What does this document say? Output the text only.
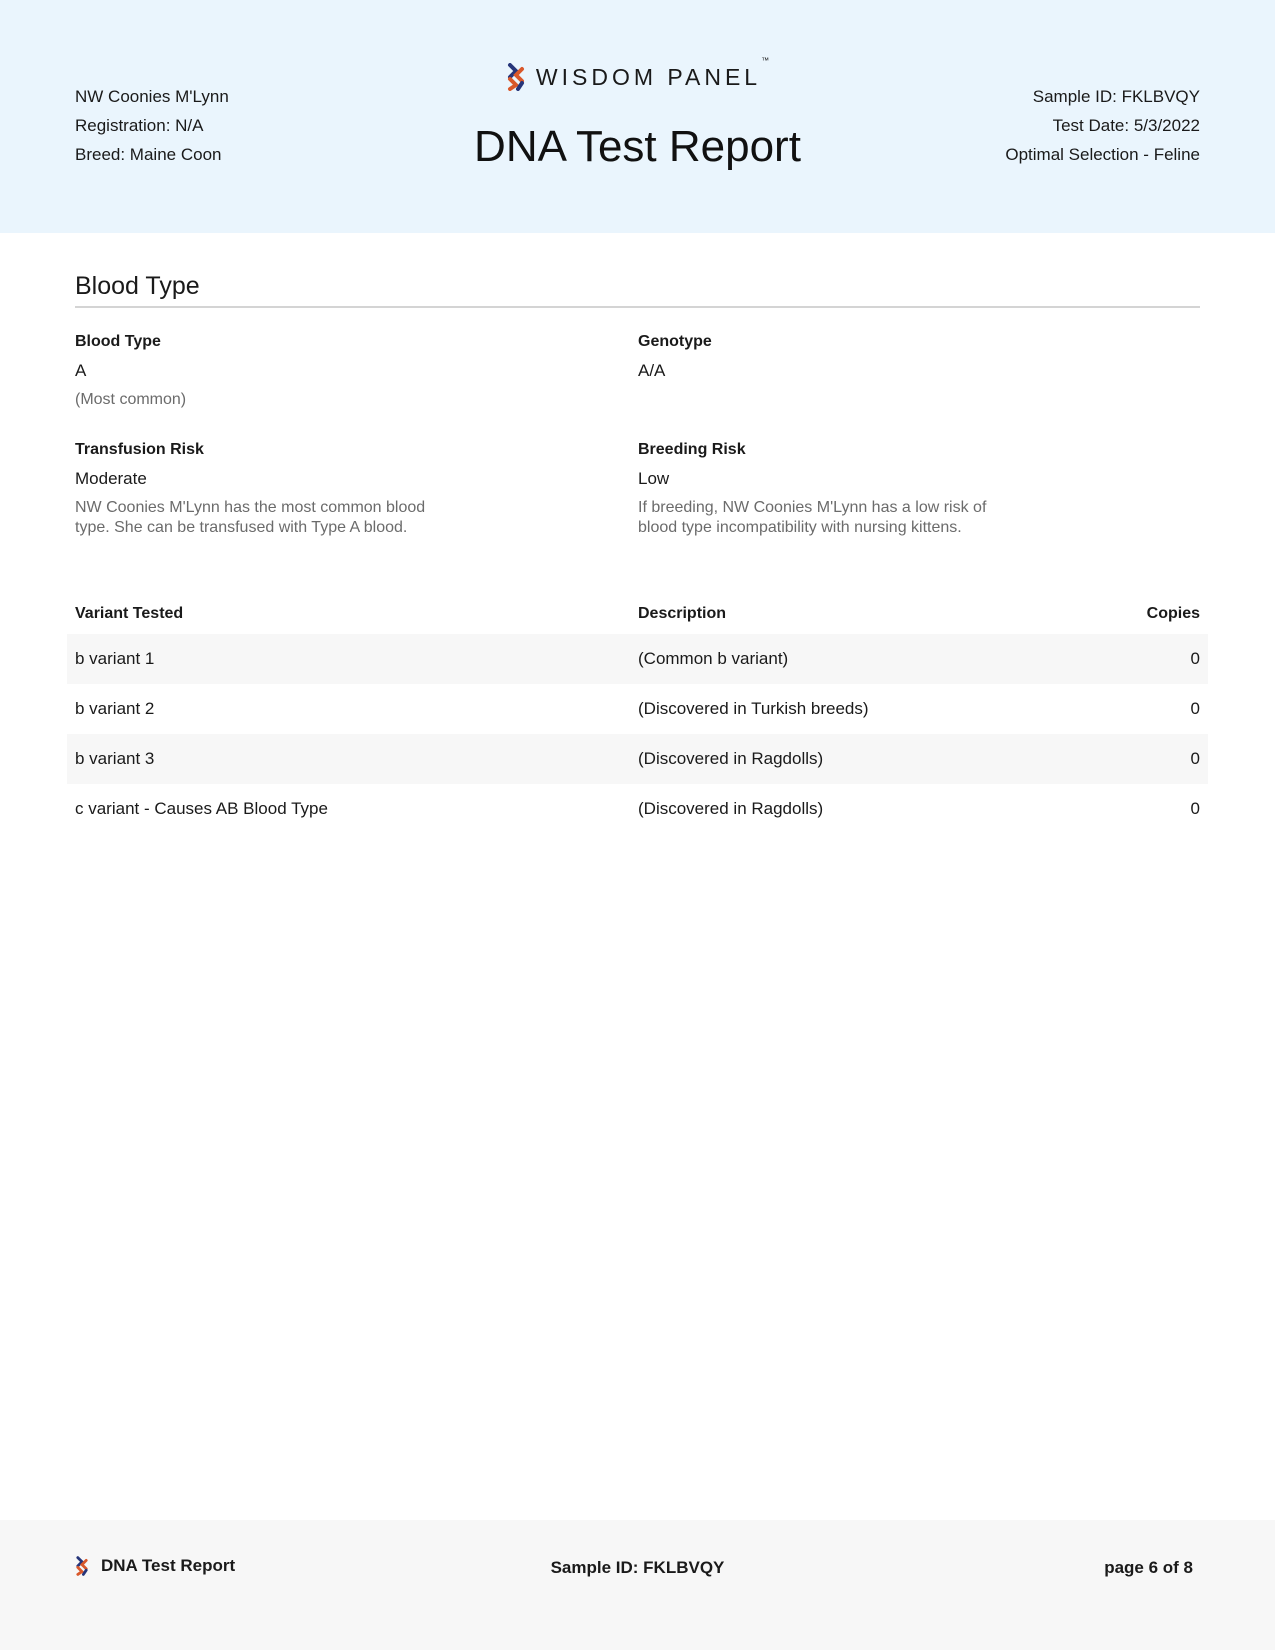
NW Coonies M'Lynn
Registration: N/A
Breed: Maine Coon
WISDOM PANEL™
DNA Test Report
Sample ID: FKLBVQY
Test Date: 5/3/2022
Optimal Selection - Feline
Blood Type
Blood Type
A
(Most common)
Genotype
A/A
Transfusion Risk
Moderate
NW Coonies M'Lynn has the most common blood type. She can be transfused with Type A blood.
Breeding Risk
Low
If breeding, NW Coonies M'Lynn has a low risk of blood type incompatibility with nursing kittens.
Variant Tested	Description	Copies
b variant 1	(Common b variant)	0
b variant 2	(Discovered in Turkish breeds)	0
b variant 3	(Discovered in Ragdolls)	0
c variant - Causes AB Blood Type	(Discovered in Ragdolls)	0
DNA Test Report	Sample ID: FKLBVQY	page 6 of 8
